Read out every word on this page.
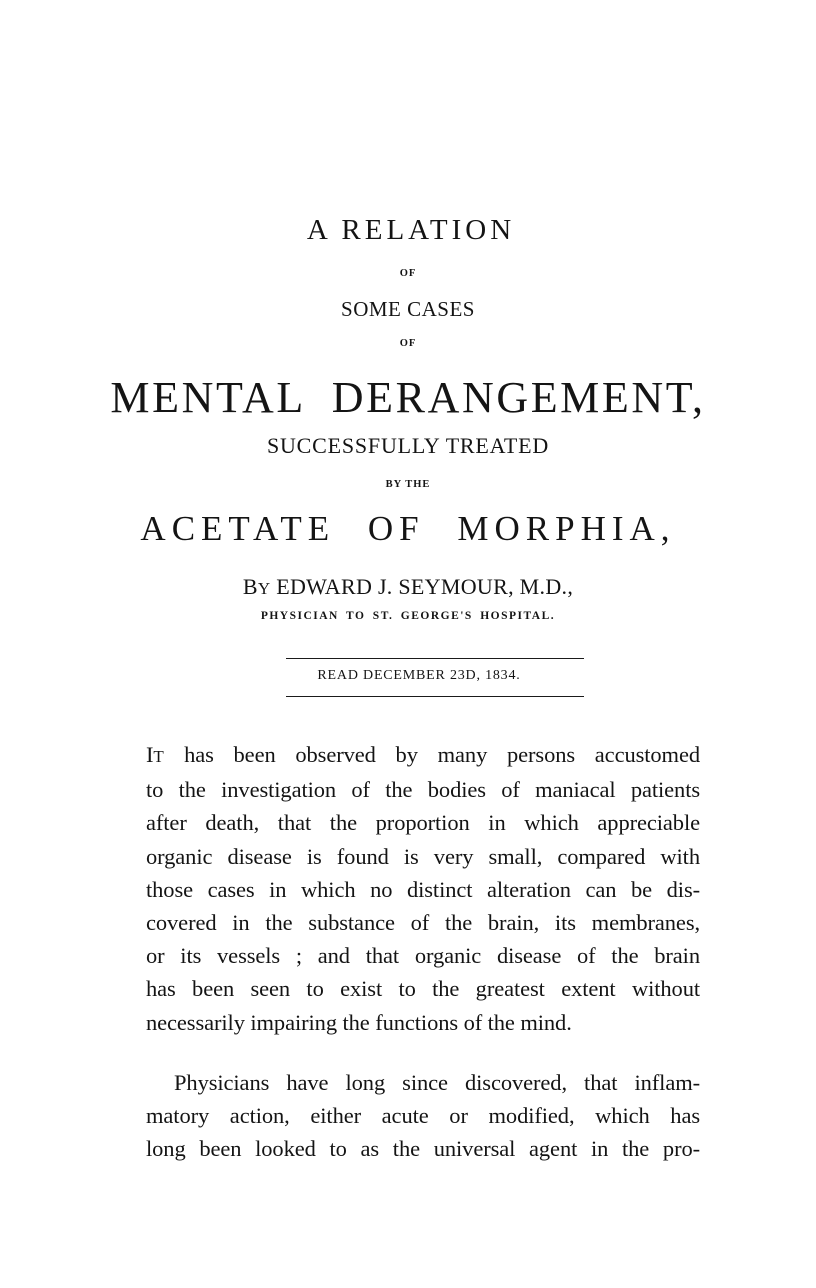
A RELATION
OF
SOME CASES
OF
MENTAL DERANGEMENT,
SUCCESSFULLY TREATED
BY THE
ACETATE OF MORPHIA,
BY EDWARD J. SEYMOUR, M.D.,
PHYSICIAN TO ST. GEORGE'S HOSPITAL.
READ DECEMBER 23D, 1834.
IT has been observed by many persons accustomed
to the investigation of the bodies of maniacal patients
after death, that the proportion in which appreciable
organic disease is found is very small, compared with
those cases in which no distinct alteration can be dis-
covered in the substance of the brain, its membranes,
or its vessels ; and that organic disease of the brain
has been seen to exist to the greatest extent without
necessarily impairing the functions of the mind.
Physicians have long since discovered, that inflam-
matory action, either acute or modified, which has
long been looked to as the universal agent in the pro-
